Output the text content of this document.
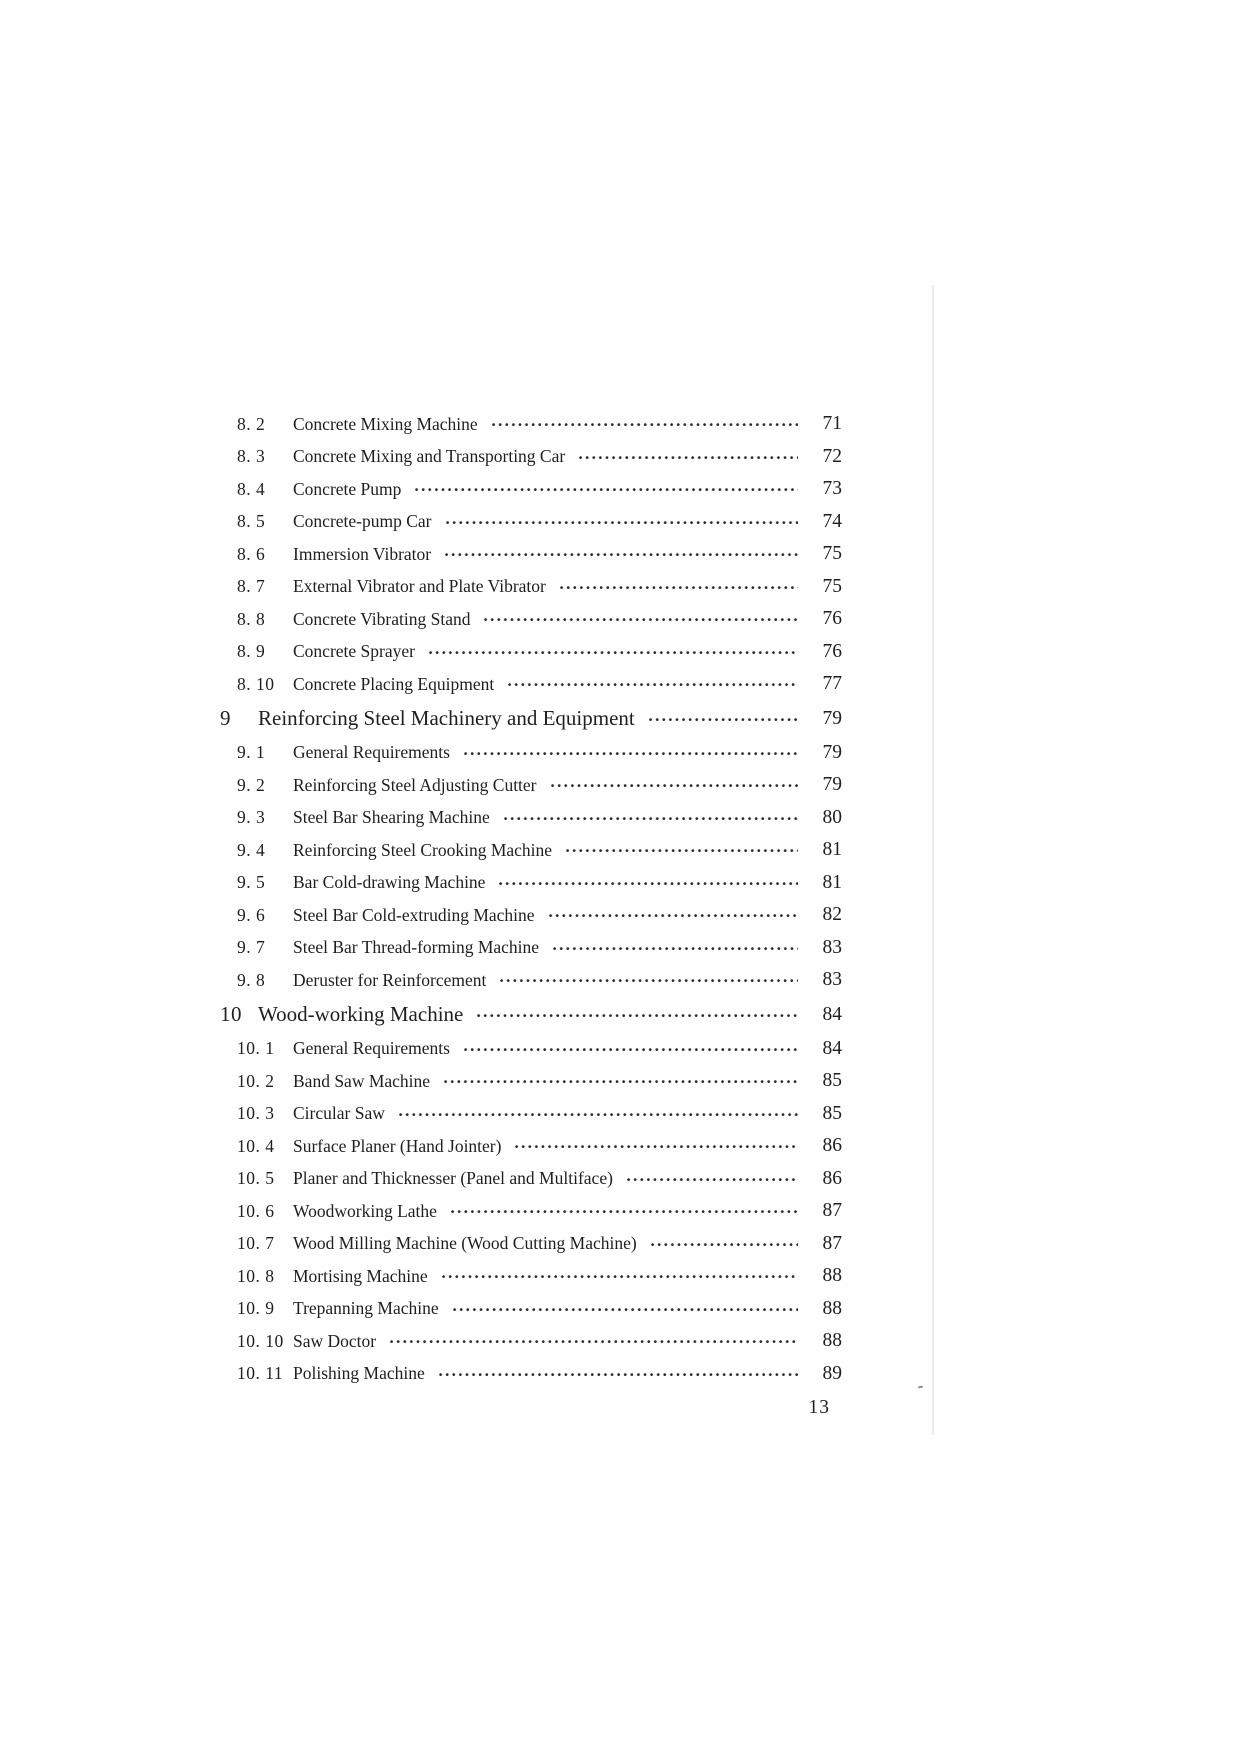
8. 2	Concrete Mixing Machine	71
8. 3	Concrete Mixing and Transporting Car	72
8. 4	Concrete Pump	73
8. 5	Concrete-pump Car	74
8. 6	Immersion Vibrator	75
8. 7	External Vibrator and Plate Vibrator	75
8. 8	Concrete Vibrating Stand	76
8. 9	Concrete Sprayer	76
8. 10	Concrete Placing Equipment	77
9	Reinforcing Steel Machinery and Equipment	79
9. 1	General Requirements	79
9. 2	Reinforcing Steel Adjusting Cutter	79
9. 3	Steel Bar Shearing Machine	80
9. 4	Reinforcing Steel Crooking Machine	81
9. 5	Bar Cold-drawing Machine	81
9. 6	Steel Bar Cold-extruding Machine	82
9. 7	Steel Bar Thread-forming Machine	83
9. 8	Deruster for Reinforcement	83
10 Wood-working Machine	84
10. 1	General Requirements	84
10. 2	Band Saw Machine	85
10. 3	Circular Saw	85
10. 4	Surface Planer (Hand Jointer)	86
10. 5	Planer and Thicknesser (Panel and Multiface)	86
10. 6	Woodworking Lathe	87
10. 7	Wood Milling Machine (Wood Cutting Machine)	87
10. 8	Mortising Machine	88
10. 9	Trepanning Machine	88
10. 10 Saw Doctor	88
10. 11 Polishing Machine	89
13
